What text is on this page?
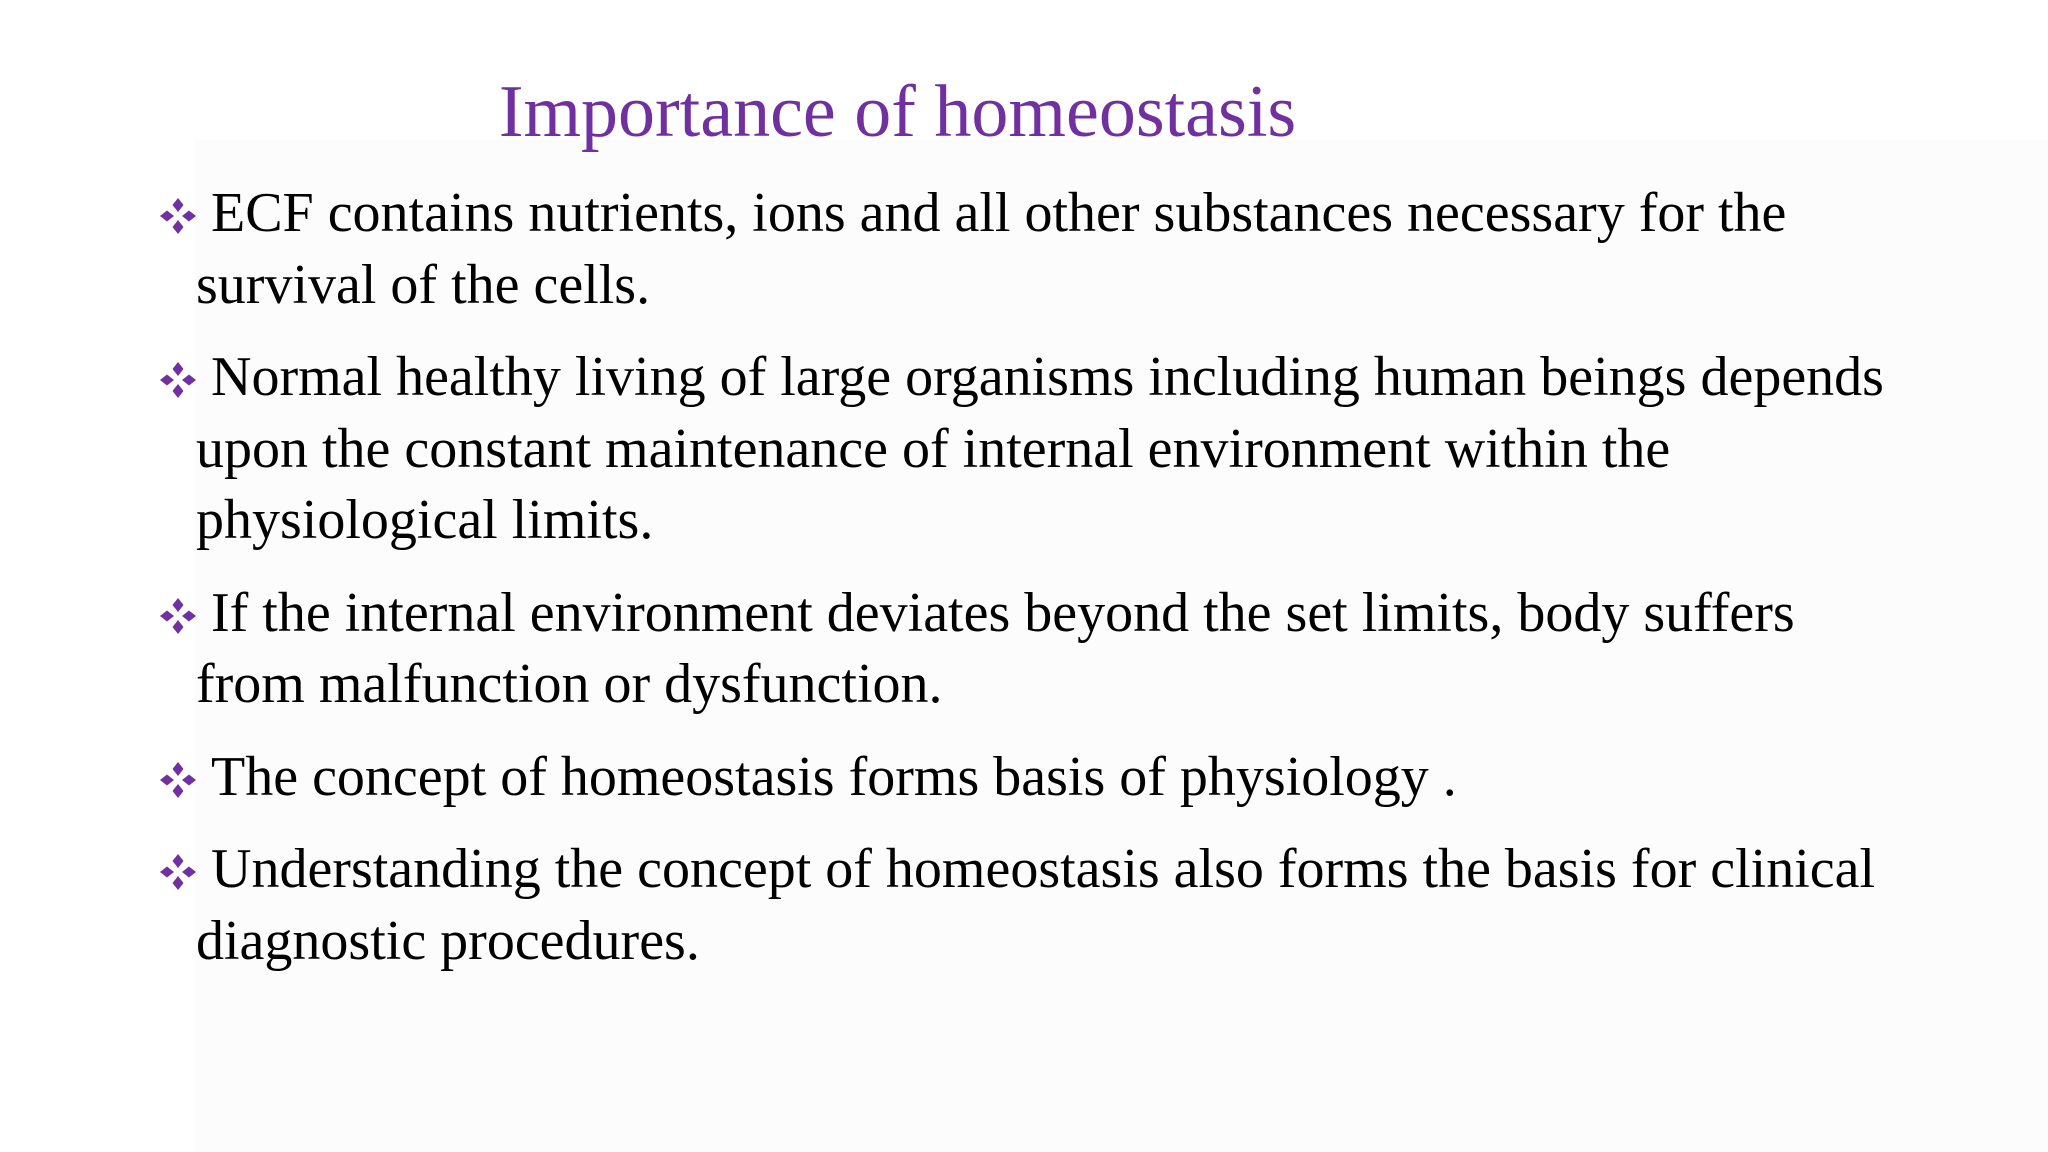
Importance of homeostasis
ECF contains nutrients, ions and all other substances necessary for the survival of the cells.
Normal healthy living of large organisms including human beings depends upon the constant maintenance of internal environment within the physiological limits.
If the internal environment deviates beyond the set limits, body suffers from malfunction or dysfunction.
The concept of homeostasis forms basis of physiology .
Understanding the concept of homeostasis also forms the basis for clinical diagnostic procedures.
